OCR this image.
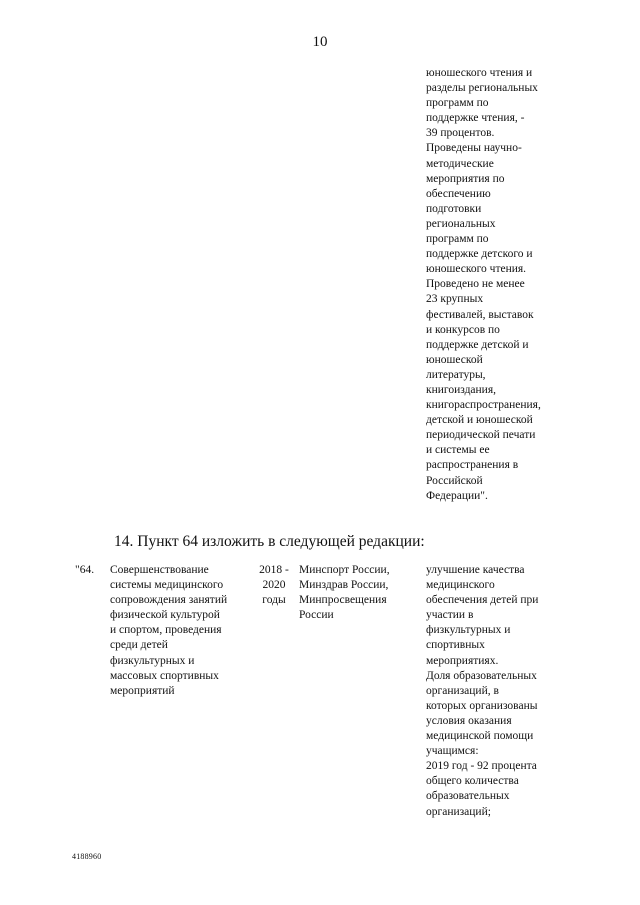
10
юношеского чтения и
разделы региональных
программ по
поддержке чтения, -
39 процентов.
Проведены научно-
методические
мероприятия по
обеспечению
подготовки
региональных
программ по
поддержке детского и
юношеского чтения.
Проведено не менее
23 крупных
фестивалей, выставок
и конкурсов по
поддержке детской и
юношеской
литературы,
книгоиздания,
книгораспространения,
детской и юношеской
периодической печати
и системы ее
распространения в
Российской
Федерации".
14. Пункт 64 изложить в следующей редакции:
"64. Совершенствование
системы медицинского
сопровождения занятий
физической культурой
и спортом, проведения
среди детей
физкультурных и
массовых спортивных
мероприятий
2018 -
2020
годы
Минспорт России,
Минздрав России,
Минпросвещения
России
улучшение качества
медицинского
обеспечения детей при
участии в
физкультурных и
спортивных
мероприятиях.
Доля образовательных
организаций, в
которых организованы
условия оказания
медицинской помощи
учащимся:
2019 год - 92 процента
общего количества
образовательных
организаций;
4188960
